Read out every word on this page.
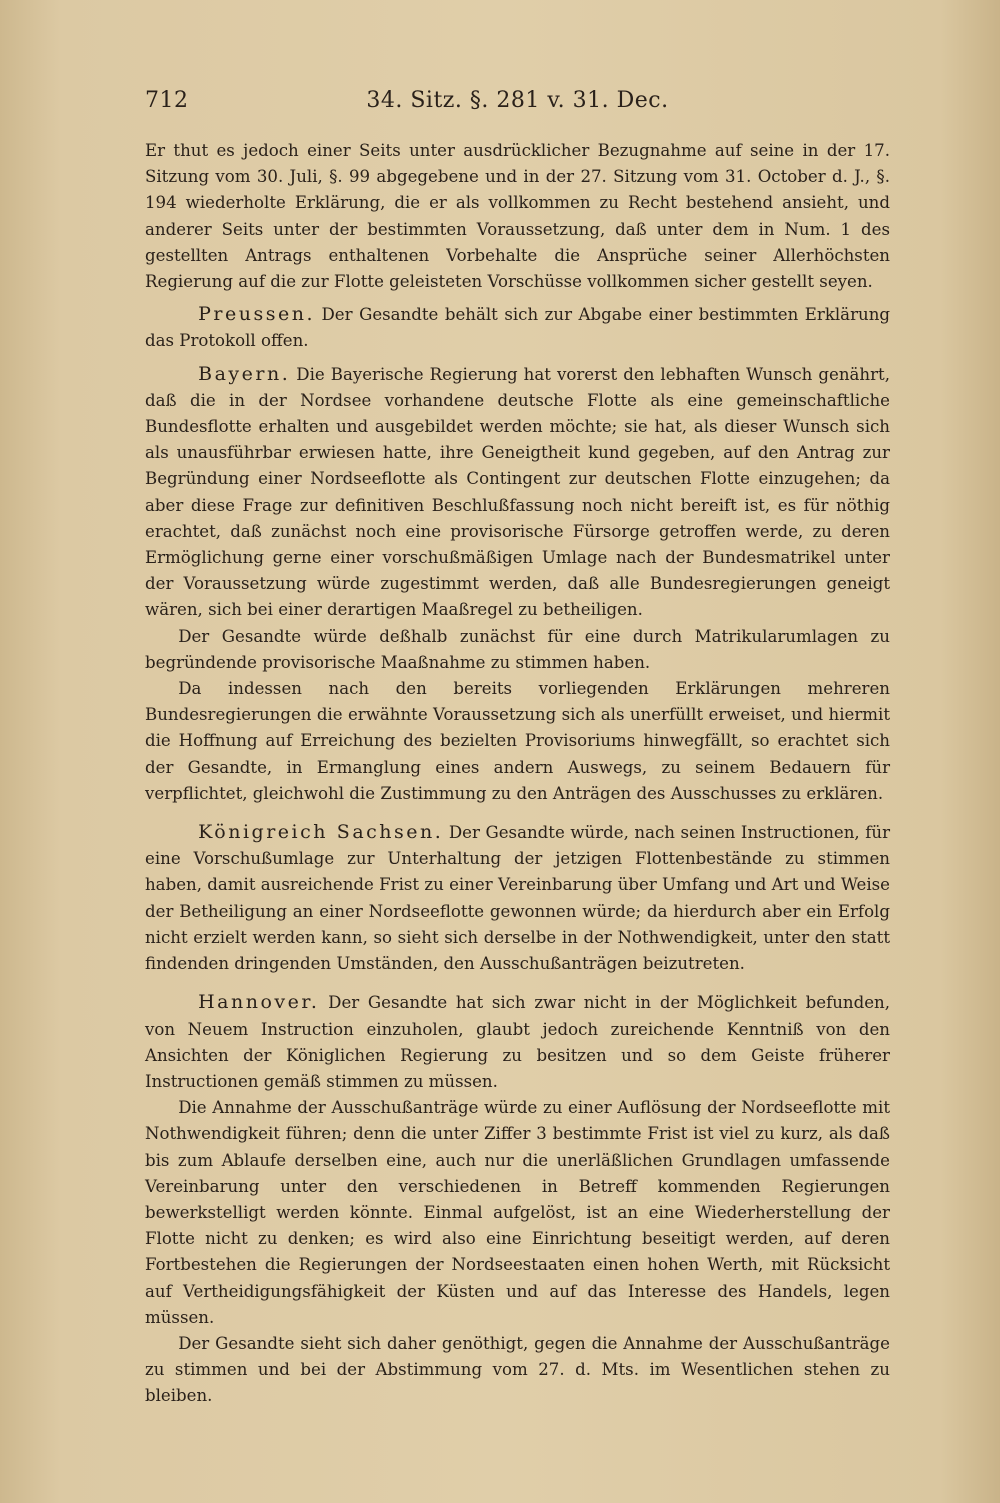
712	34. Sitz. §. 281 v. 31. Dec.

Er thut es jedoch einer Seits unter ausdrücklicher Bezugnahme auf seine in der 17. Sitzung vom 30. Juli, §. 99 abgegebene und in der 27. Sitzung vom 31. October d. J., §. 194 wiederholte Erklärung, die er als vollkommen zu Recht bestehend ansieht, und anderer Seits unter der bestimmten Voraussetzung, daß unter dem in Num. 1 des gestellten Antrags enthaltenen Vorbehalte die Ansprüche seiner Allerhöchsten Regierung auf die zur Flotte geleisteten Vorschüsse vollkommen sicher gestellt seyen.

Preussen. Der Gesandte behält sich zur Abgabe einer bestimmten Erklärung das Protokoll offen.

Bayern. Die Bayerische Regierung hat vorerst den lebhaften Wunsch genährt, daß die in der Nordsee vorhandene deutsche Flotte als eine gemeinschaftliche Bundesflotte erhalten und ausgebildet werden möchte; sie hat, als dieser Wunsch sich als unausführbar erwiesen hatte, ihre Geneigtheit kund gegeben, auf den Antrag zur Begründung einer Nordseeflotte als Contingent zur deutschen Flotte einzugehen; da aber diese Frage zur definitiven Beschlußfassung noch nicht bereift ist, es für nöthig erachtet, daß zunächst noch eine provisorische Fürsorge getroffen werde, zu deren Ermöglichung gerne einer vorschußmäßigen Umlage nach der Bundesmatrikel unter der Voraussetzung würde zugestimmt werden, daß alle Bundesregierungen geneigt wären, sich bei einer derartigen Maaßregel zu betheiligen.

Der Gesandte würde deßhalb zunächst für eine durch Matrikularumlagen zu begründende provisorische Maaßnahme zu stimmen haben.

Da indessen nach den bereits vorliegenden Erklärungen mehreren Bundesregierungen die erwähnte Voraussetzung sich als unerfüllt erweiset, und hiermit die Hoffnung auf Erreichung des bezielten Provisoriums hinwegfällt, so erachtet sich der Gesandte, in Ermanglung eines andern Auswegs, zu seinem Bedauern für verpflichtet, gleichwohl die Zustimmung zu den Anträgen des Ausschusses zu erklären.

Königreich Sachsen. Der Gesandte würde, nach seinen Instructionen, für eine Vorschußumlage zur Unterhaltung der jetzigen Flottenbestände zu stimmen haben, damit ausreichende Frist zu einer Vereinbarung über Umfang und Art und Weise der Betheiligung an einer Nordseeflotte gewonnen würde; da hierdurch aber ein Erfolg nicht erzielt werden kann, so sieht sich derselbe in der Nothwendigkeit, unter den statt findenden dringenden Umständen, den Ausschußanträgen beizutreten.

Hannover. Der Gesandte hat sich zwar nicht in der Möglichkeit befunden, von Neuem Instruction einzuholen, glaubt jedoch zureichende Kenntniß von den Ansichten der Königlichen Regierung zu besitzen und so dem Geiste früherer Instructionen gemäß stimmen zu müssen.

Die Annahme der Ausschußanträge würde zu einer Auflösung der Nordseeflotte mit Nothwendigkeit führen; denn die unter Ziffer 3 bestimmte Frist ist viel zu kurz, als daß bis zum Ablaufe derselben eine, auch nur die unerläßlichen Grundlagen umfassende Vereinbarung unter den verschiedenen in Betreff kommenden Regierungen bewerkstelligt werden könnte. Einmal aufgelöst, ist an eine Wiederherstellung der Flotte nicht zu denken; es wird also eine Einrichtung beseitigt werden, auf deren Fortbestehen die Regierungen der Nordseestaaten einen hohen Werth, mit Rücksicht auf Vertheidigungsfähigkeit der Küsten und auf das Interesse des Handels, legen müssen.

Der Gesandte sieht sich daher genöthigt, gegen die Annahme der Ausschußanträge zu stimmen und bei der Abstimmung vom 27. d. Mts. im Wesentlichen stehen zu bleiben.
